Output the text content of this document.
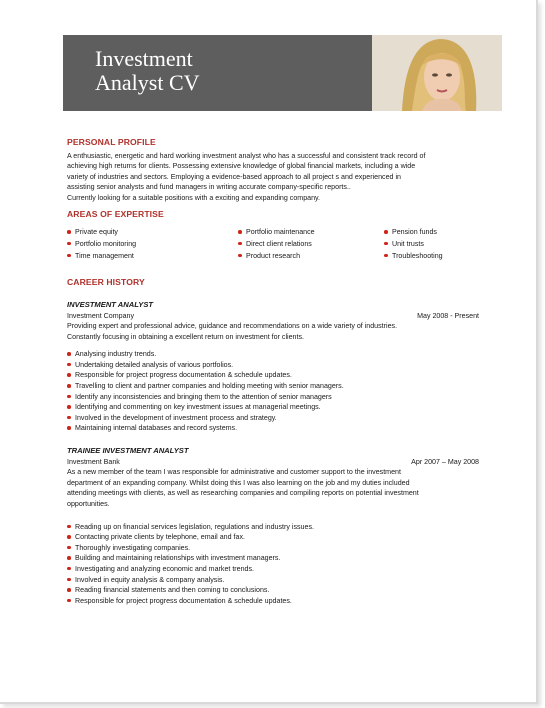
Investment
Analyst CV
PERSONAL PROFILE

A enthusiastic, energetic and hard working investment analyst who has a successful and consistent track record of

achieving high returns for clients. Possessing extensive knowledge of global financial markets, including a wide

variety of industries and sectors. Employing a evidence-based approach to all project s and experienced in

assisting senior analysts and fund managers in writing accurate company-specific reports..

Currently looking for a suitable positions with a exciting and expanding company.

AREAS OF EXPERTISE
Private equity	Portfolio maintenance	Pension funds
Portfolio monitoring	Direct client relations	Unit trusts
Time management	Product research	Troubleshooting
CAREER HISTORY
INVESTMENT ANALYST
Investment Company	May 2008 - Present

Providing expert and professional advice, guidance and recommendations on a wide variety of industries.

Constantly focusing in obtaining a excellent return on investment for clients.

Analysing industry trends.
Undertaking detailed analysis of various portfolios.
Responsible for project progress documentation & schedule updates.
Travelling to client and partner companies and holding meeting with senior managers.
Identify any inconsistencies and bringing them to the attention of senior managers
Identifying and commenting on key investment issues at managerial meetings.
Involved in the development of investment process and strategy.
Maintaining internal databases and record systems.
TRAINEE INVESTMENT ANALYST
Investment Bank	Apr 2007 – May 2008

As a new member of the team I was responsible for administrative and customer support to the investment

department of an expanding company. Whilst doing this I was also learning on the job and my duties included

attending meetings with clients, as well as researching companies and compiling reports on potential investment

opportunities.

Reading up on financial services legislation, regulations and industry issues.
Contacting private clients by telephone, email and fax.
Thoroughly investigating companies.
Building and maintaining relationships with investment managers.
Investigating and analyzing economic and market trends.
Involved in equity analysis & company analysis.
Reading financial statements and then coming to conclusions.
Responsible for project progress documentation & schedule updates.
